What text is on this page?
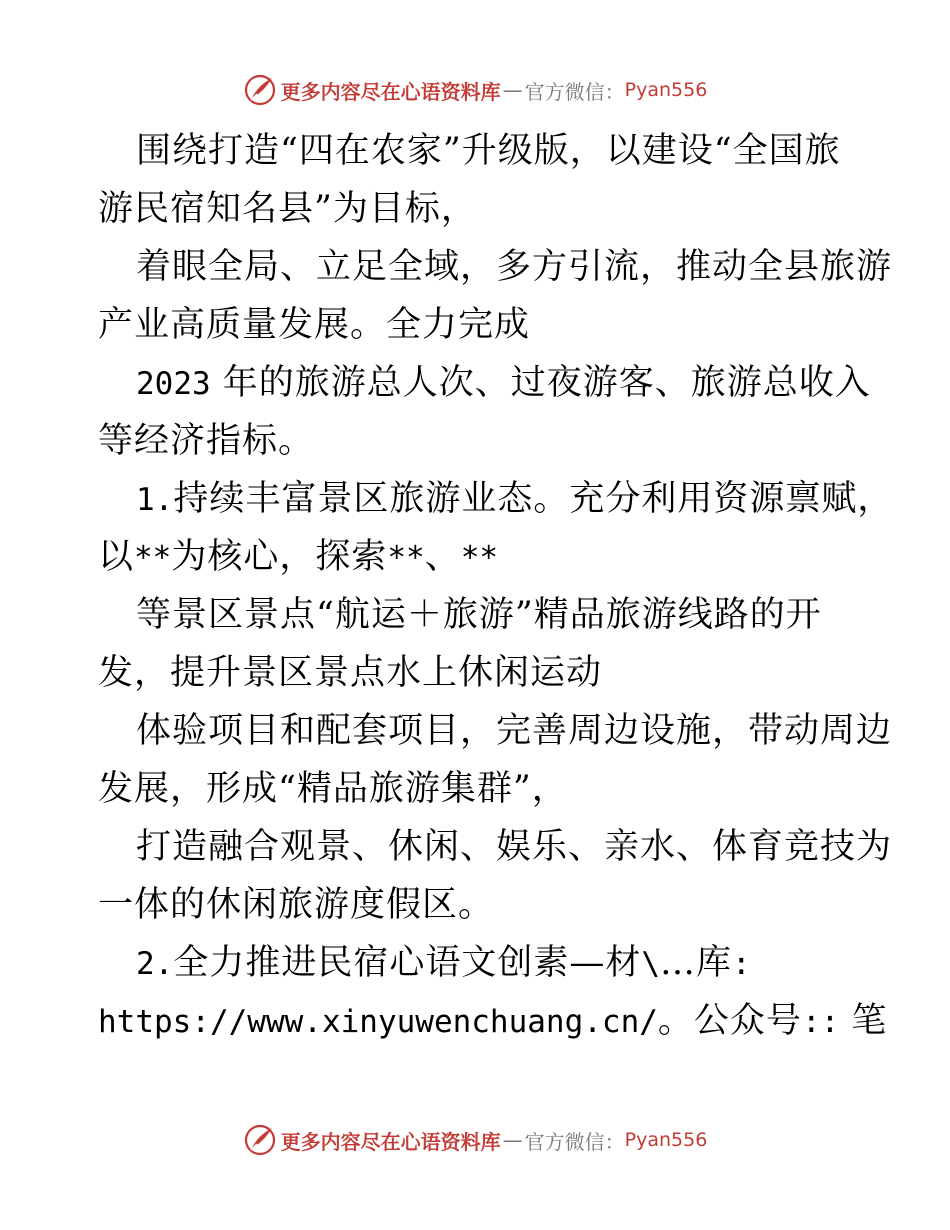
更多内容尽在心语资料库 — 官方微信： Pyan556
围绕打造“四在农家”升级版，以建设“全国旅
游民宿知名县”为目标，
着眼全局、立足全域，多方引流，推动全县旅游
产业高质量发展。全力完成
2023 年的旅游总人次、过夜游客、旅游总收入
等经济指标。
1.持续丰富景区旅游业态。充分利用资源禀赋，
以**为核心，探索**、**
等景区景点“航运＋旅游”精品旅游线路的开
发，提升景区景点水上休闲运动
体验项目和配套项目，完善周边设施，带动周边
发展，形成“精品旅游集群”，
打造融合观景、休闲、娱乐、亲水、体育竞技为
一体的休闲旅游度假区。
2.全力推进民宿心语文创素—材\…库:
https://www.xinyuwenchuang.cn/。公众号:: 笔
更多内容尽在心语资料库 — 官方微信： Pyan556
